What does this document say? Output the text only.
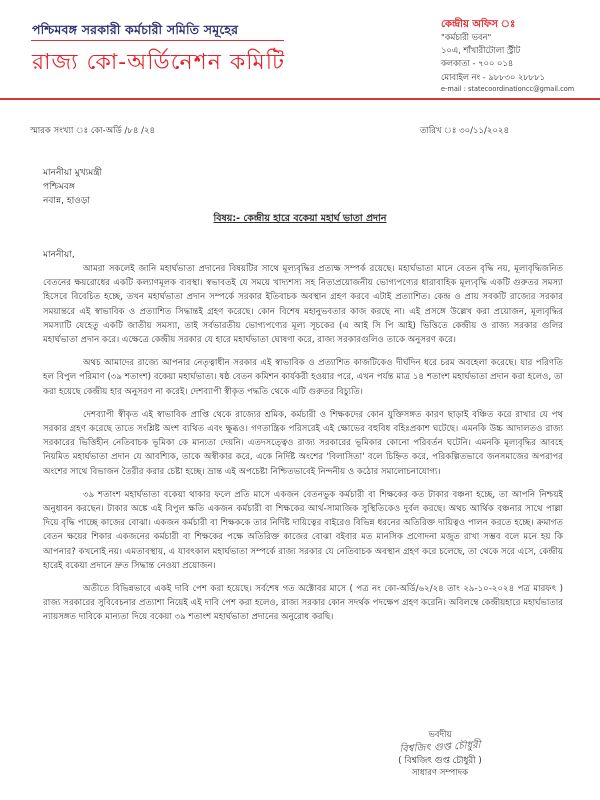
পশ্চিমবঙ্গ সরকারী কর্মচারী সমিতি সমূহের
রাজ্য কো-অর্ডিনেশন কমিটি
কেন্দ্রীয় অফিস ঃ
"কর্মচারী ভবন"
১০এ, শাঁখারীটোলা স্ট্রীট
কলকাতা - ৭০০ ০১৪
মোবাইল নং - ৯৮৮৩০ ২৮৮৮১
e-mail : statecoordinationcc@gmail.com
স্মারক সংখ্যা ঃ কো-অর্ডি /৮৪ /২৪	তারিখ ঃ ৩০/১১/২০২৪
মাননীয়া মুখ্যমন্ত্রী
পশ্চিমবঙ্গ
নবান্ন, হাওড়া
বিষয়:- কেন্দ্রীয় হারে বকেয়া মহার্ঘ ভাতা প্রদান
মাননীয়া,

আমরা সকলেই জানি মহার্ঘভাতা প্রদানের বিষয়টির সাথে মূল্যবৃদ্ধির প্রত্যক্ষ সম্পর্ক রয়েছে। মহার্ঘভাতা মানে বেতন বৃদ্ধি নয়, মূল্যবৃদ্ধিজনিত বেতনের ক্ষয়রোধের একটি কল্যাণমূলক ব্যবস্থা। স্বভাবতই যে সময়ে খাদ্যশস্য সহ নিত্যপ্রয়োজনীয় ভোগ্যপণ্যের ধারাবাহিক মূল্যবৃদ্ধি একটি গুরুতর সমস্যা হিসেবে বিবেচিত হচ্ছে, তখন মহার্ঘভাতা প্রদান সম্পর্কে সরকার ইতিবাচক অবস্থান গ্রহণ করবে এটাই প্রত্যাশিত। কেন্দ্র ও প্রায় সবকটি রাজ্যের সরকার সময়ান্তরে এই স্বাভাবিক ও প্রত্যাশিত সিদ্ধান্তই গ্রহণ করেছে। কোন বিশেষ মহানুভবতার কাজ করছে না। এই প্রসঙ্গে উল্লেখ করা প্রয়োজন, মূল্যবৃদ্ধির সমস্যাটি যেহেতু একটি জাতীয় সমস্যা, তাই সর্বভারতীয় ভোগ্যপণ্যের মূল্য সূচকের (এ আই সি পি আই) ভিত্তিতে কেন্দ্রীয় ও রাজ্য সরকার গুলির মহার্ঘভাতা প্রদান করে। এক্ষেত্রে কেন্দ্রীয় সরকার যে হারে মহার্ঘভাতা ঘোষণা করে, রাজ্য সরকারগুলিও তাকে অনুসরণ করে।

অথচ আমাদের রাজ্যে আপনার নেতৃত্বাধীন সরকার এই স্বাভাবিক ও প্রত্যাশিত কাজটিকেও দীর্ঘদিন ধরে চরম অবহেলা করেছে। যার পরিণতি হল বিপুল পরিমাণ (৩৯ শতাংশ) বকেয়া মহার্ঘভাতা। ষষ্ঠ বেতন কমিশন কার্যকরী হওয়ার পরে, এখন পর্যন্ত মাত্র ১৪ শতাংশ মহার্ঘভাতা প্রদান করা হলেও, তা করা হয়েছে কেন্দ্রীয় হার অনুসরণ না করেই। দেশব্যাপী স্বীকৃত পদ্ধতি থেকে এটি গুরুতর বিচ্যুতি।

দেশব্যাপী স্বীকৃত এই স্বাভাবিক প্রাপ্তি থেকে রাজ্যের শ্রমিক, কর্মচারী ও শিক্ষকদের কোন যুক্তিসঙ্গত কারণ ছাড়াই বঞ্চিত করে রাখার যে পথ সরকার গ্রহণ করেছে তাতে সংশ্লিষ্ট অংশ ব্যথিত এবং ক্ষুব্ধও। গণতান্ত্রিক পরিসরেই এই ক্ষোভের বহুবিধ বহিঃপ্রকাশ ঘটেছে। এমনকি উচ্চ আদালতও রাজ্য সরকারের ভিত্তিহীন নেতিবাচক ভূমিকা কে মান্যতা দেয়নি। এতদসত্ত্বেও রাজ্য সরকারের ভূমিকার কোনো পরিবর্তন ঘটেনি। এমনকি মূল্যবৃদ্ধির আবহে নিয়মিত মহার্ঘভাতা প্রদান যে আবশ্যিক, তাকে অস্বীকার করে, একে নির্দিষ্ট অংশের 'বিলাসিতা' বলে চিহ্নিত করে, পরিকল্পিতভাবে জনসমাজের অপরাপর অংশের সাথে বিভাজন তৈরীর করার চেষ্টা হচ্ছে। ভ্রান্ত এই অপচেষ্টা নিশ্চিতভাবেই নিন্দনীয় ও কঠোর সমালোচনাযোগ্য।

৩৯ শতাংশ মহার্ঘভাতা বকেয়া থাকার ফলে প্রতি মাসে একজন বেতনভুক কর্মচারী বা শিক্ষকের কত টাকার বঞ্চনা হচ্ছে, তা আপনি নিশ্চয়ই অনুধাবন করছেন। টাকার অঙ্কে এই বিপুল ক্ষতি একজন কর্মচারী বা শিক্ষকের আর্থ-সামাজিক সুস্থিতিকেও দুর্বল করছে। অথচ আর্থিক বঞ্চনার সাথে পাল্লা দিয়ে বৃদ্ধি পাচ্ছে কাজের বোঝা। একজন কর্মচারী বা শিক্ষককে তার নির্দিষ্ট দায়িত্বের বাইরেও বিভিন্ন ধরনের অতিরিক্ত দায়িত্বও পালন করতে হচ্ছে। ক্রমাগত বেতন ক্ষয়ের শিকার একজনের কর্মচারী বা শিক্ষকের পক্ষে অতিরিক্ত কাজের বোঝা বইবার মত মানসিক প্রণোদনা মজুত রাখা সম্ভব বলে মনে হয় কি আপনার? কখনোই নয়। এমতাবস্থায়, এ যাবৎকাল মহার্ঘভাতা সম্পর্কে রাজ্য সরকার যে নেতিবাচক অবস্থান গ্রহণ করে চলেছে, তা থেকে সরে এসে, কেন্দ্রীয় হারেই বকেয়া প্রদানে দ্রুত সিদ্ধান্ত নেওয়া প্রয়োজন।

অতীতে বিভিন্নভাবে একই দাবি পেশ করা হয়েছে। সর্বশেষ গত অক্টোবর মাসে ( পত্র নং কো-অর্ডি/৬২/২৪ তাং ২৯-১০-২০২৪ পত্র মারফৎ ) রাজ্য সরকারের সুবিবেচনার প্রত্যাশা নিয়েই এই দাবি পেশ করা হলেও, রাজ্য সরকার কোন সদর্থক পদক্ষেপ গ্রহণ করেনি। অবিলম্বে কেন্দ্রীয়হারে মহার্ঘভাতার ন্যায়সঙ্গত দাবিকে মান্যতা দিয়ে বকেয়া ৩৯ শতাংশ মহার্ঘভাতা প্রদানের অনুরোধ করছি।

ভবদীয়
বিশ্বজিৎ গুপ্ত চৌধুরী
( বিশ্বজিৎ গুপ্ত চৌধুরী )
সাধারণ সম্পাদক
